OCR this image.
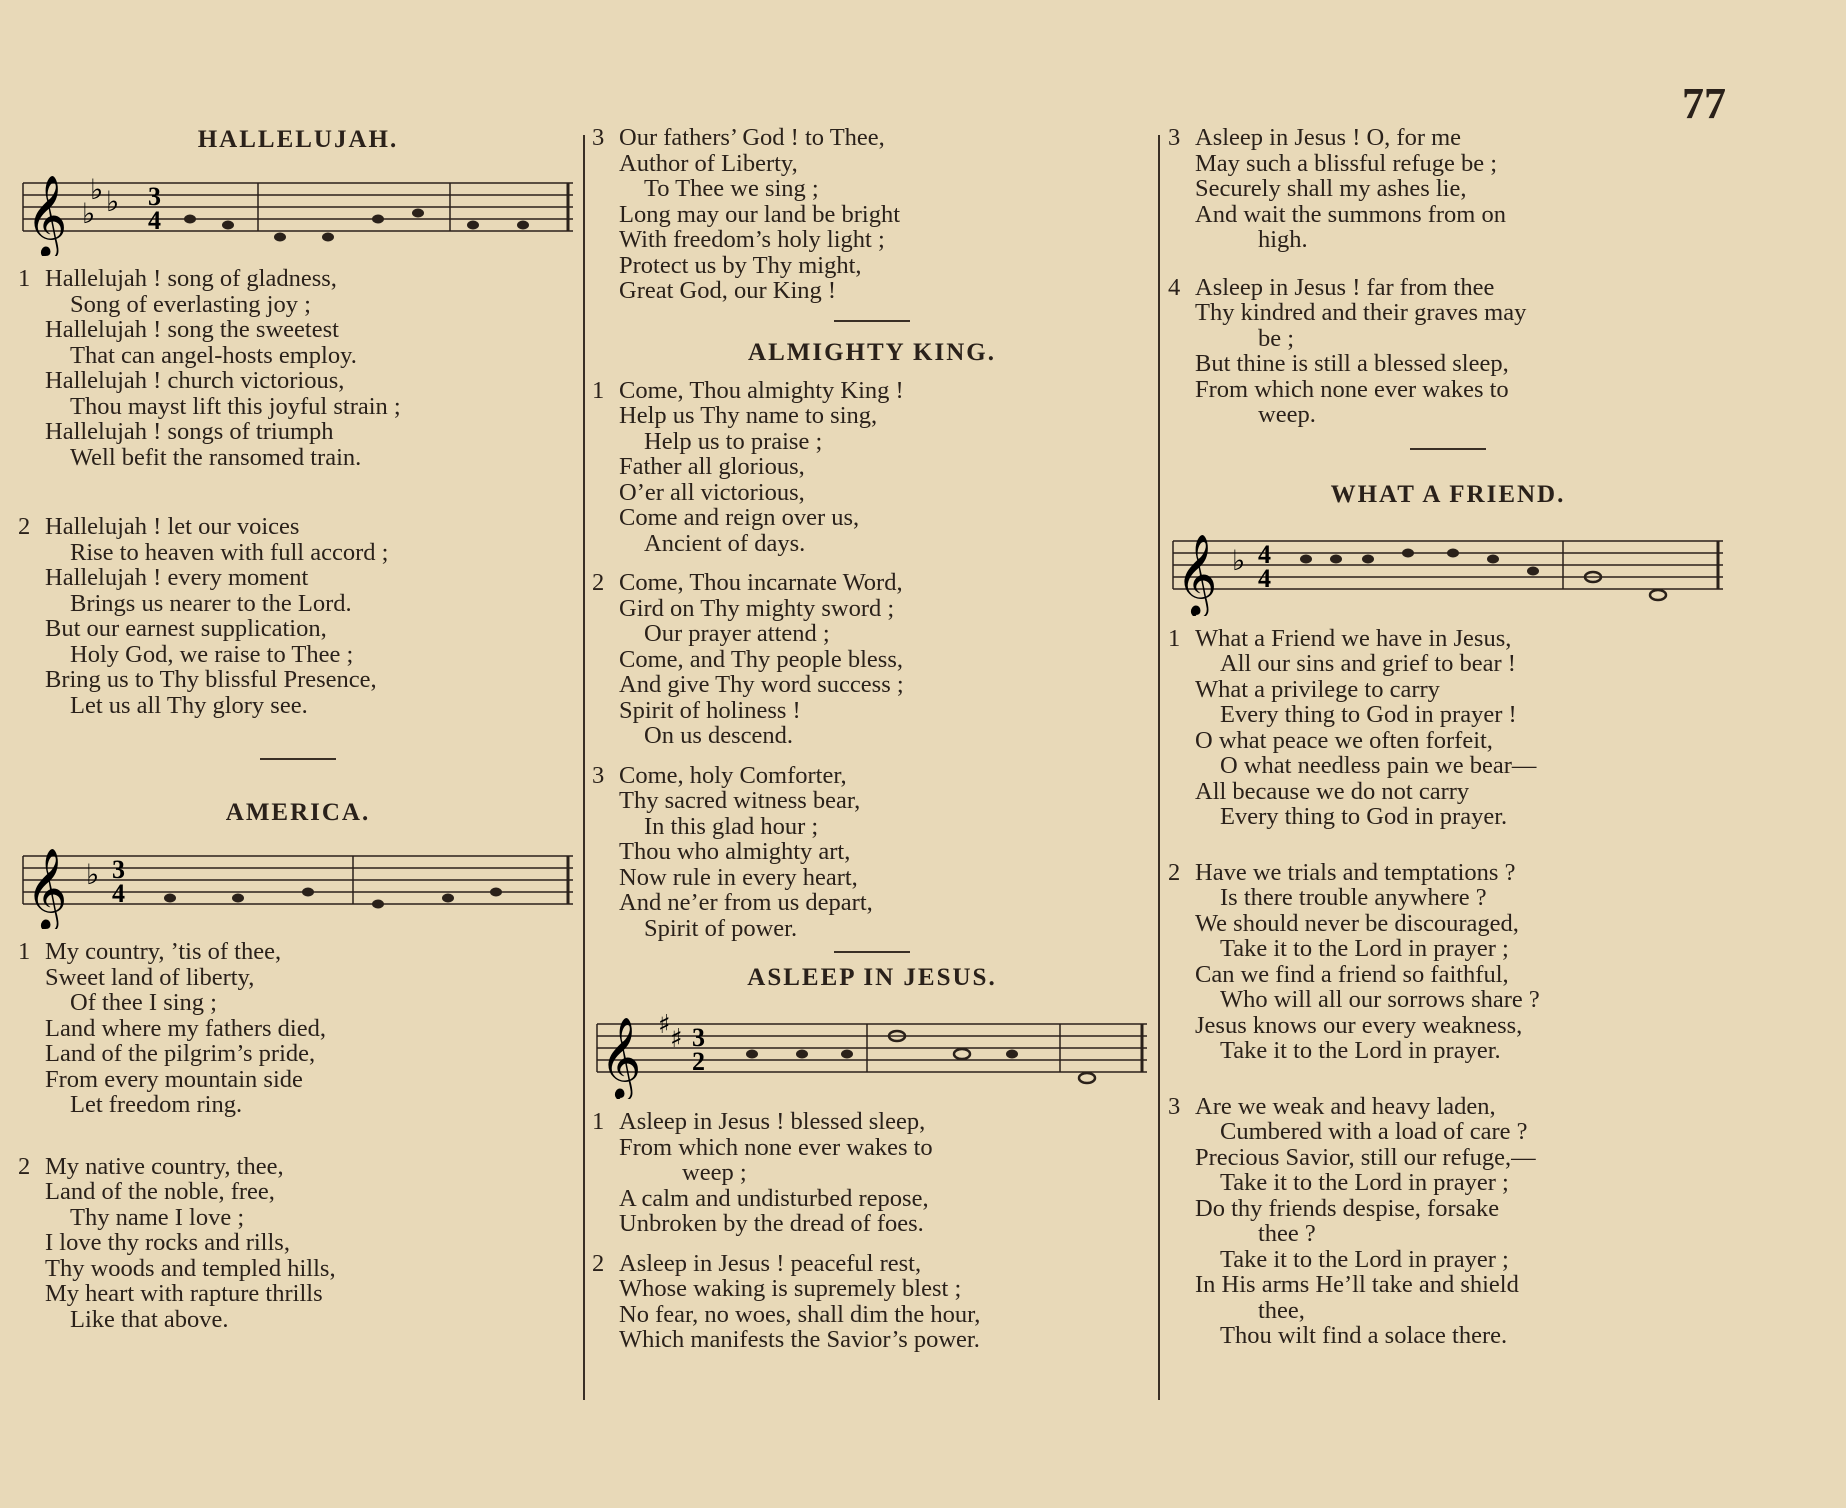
77
HALLELUJAH.
𝄞 ♭
♭ ♭ 3
4
1 Hallelujah ! song of gladness,
Song of everlasting joy ;
Hallelujah ! song the sweetest
That can angel-hosts employ.
Hallelujah ! church victorious,
Thou mayst lift this joyful strain ;
Hallelujah ! songs of triumph
Well befit the ransomed train.
2 Hallelujah ! let our voices
Rise to heaven with full accord ;
Hallelujah ! every moment
Brings us nearer to the Lord.
But our earnest supplication,
Holy God, we raise to Thee ;
Bring us to Thy blissful Presence,
Let us all Thy glory see.
AMERICA.
𝄞 ♭ 3
4
1 My country, ’tis of thee,
Sweet land of liberty,
Of thee I sing ;
Land where my fathers died,
Land of the pilgrim’s pride,
From every mountain side
Let freedom ring.
2 My native country, thee,
Land of the noble, free,
Thy name I love ;
I love thy rocks and rills,
Thy woods and templed hills,
My heart with rapture thrills
Like that above.
3 Our fathers’ God ! to Thee,
Author of Liberty,
To Thee we sing ;
Long may our land be bright
With freedom’s holy light ;
Protect us by Thy might,
Great God, our King !
ALMIGHTY KING.
1 Come, Thou almighty King !
Help us Thy name to sing,
Help us to praise ;
Father all glorious,
O’er all victorious,
Come and reign over us,
Ancient of days.
2 Come, Thou incarnate Word,
Gird on Thy mighty sword ;
Our prayer attend ;
Come, and Thy people bless,
And give Thy word success ;
Spirit of holiness !
On us descend.
3 Come, holy Comforter,
Thy sacred witness bear,
In this glad hour ;
Thou who almighty art,
Now rule in every heart,
And ne’er from us depart,
Spirit of power.
ASLEEP IN JESUS.
𝄞 ♯ ♯ 3
2
1 Asleep in Jesus ! blessed sleep,
From which none ever wakes to
weep ;
A calm and undisturbed repose,
Unbroken by the dread of foes.
2 Asleep in Jesus ! peaceful rest,
Whose waking is supremely blest ;
No fear, no woes, shall dim the hour,
Which manifests the Savior’s power.
3 Asleep in Jesus ! O, for me
May such a blissful refuge be ;
Securely shall my ashes lie,
And wait the summons from on
high.
4 Asleep in Jesus ! far from thee
Thy kindred and their graves may
be ;
But thine is still a blessed sleep,
From which none ever wakes to
weep.
WHAT A FRIEND.
𝄞 ♭ 4
4
1 What a Friend we have in Jesus,
All our sins and grief to bear !
What a privilege to carry
Every thing to God in prayer !
O what peace we often forfeit,
O what needless pain we bear—
All because we do not carry
Every thing to God in prayer.
2 Have we trials and temptations ?
Is there trouble anywhere ?
We should never be discouraged,
Take it to the Lord in prayer ;
Can we find a friend so faithful,
Who will all our sorrows share ?
Jesus knows our every weakness,
Take it to the Lord in prayer.
3 Are we weak and heavy laden,
Cumbered with a load of care ?
Precious Savior, still our refuge,—
Take it to the Lord in prayer ;
Do thy friends despise, forsake
thee ?
Take it to the Lord in prayer ;
In His arms He’ll take and shield
thee,
Thou wilt find a solace there.
